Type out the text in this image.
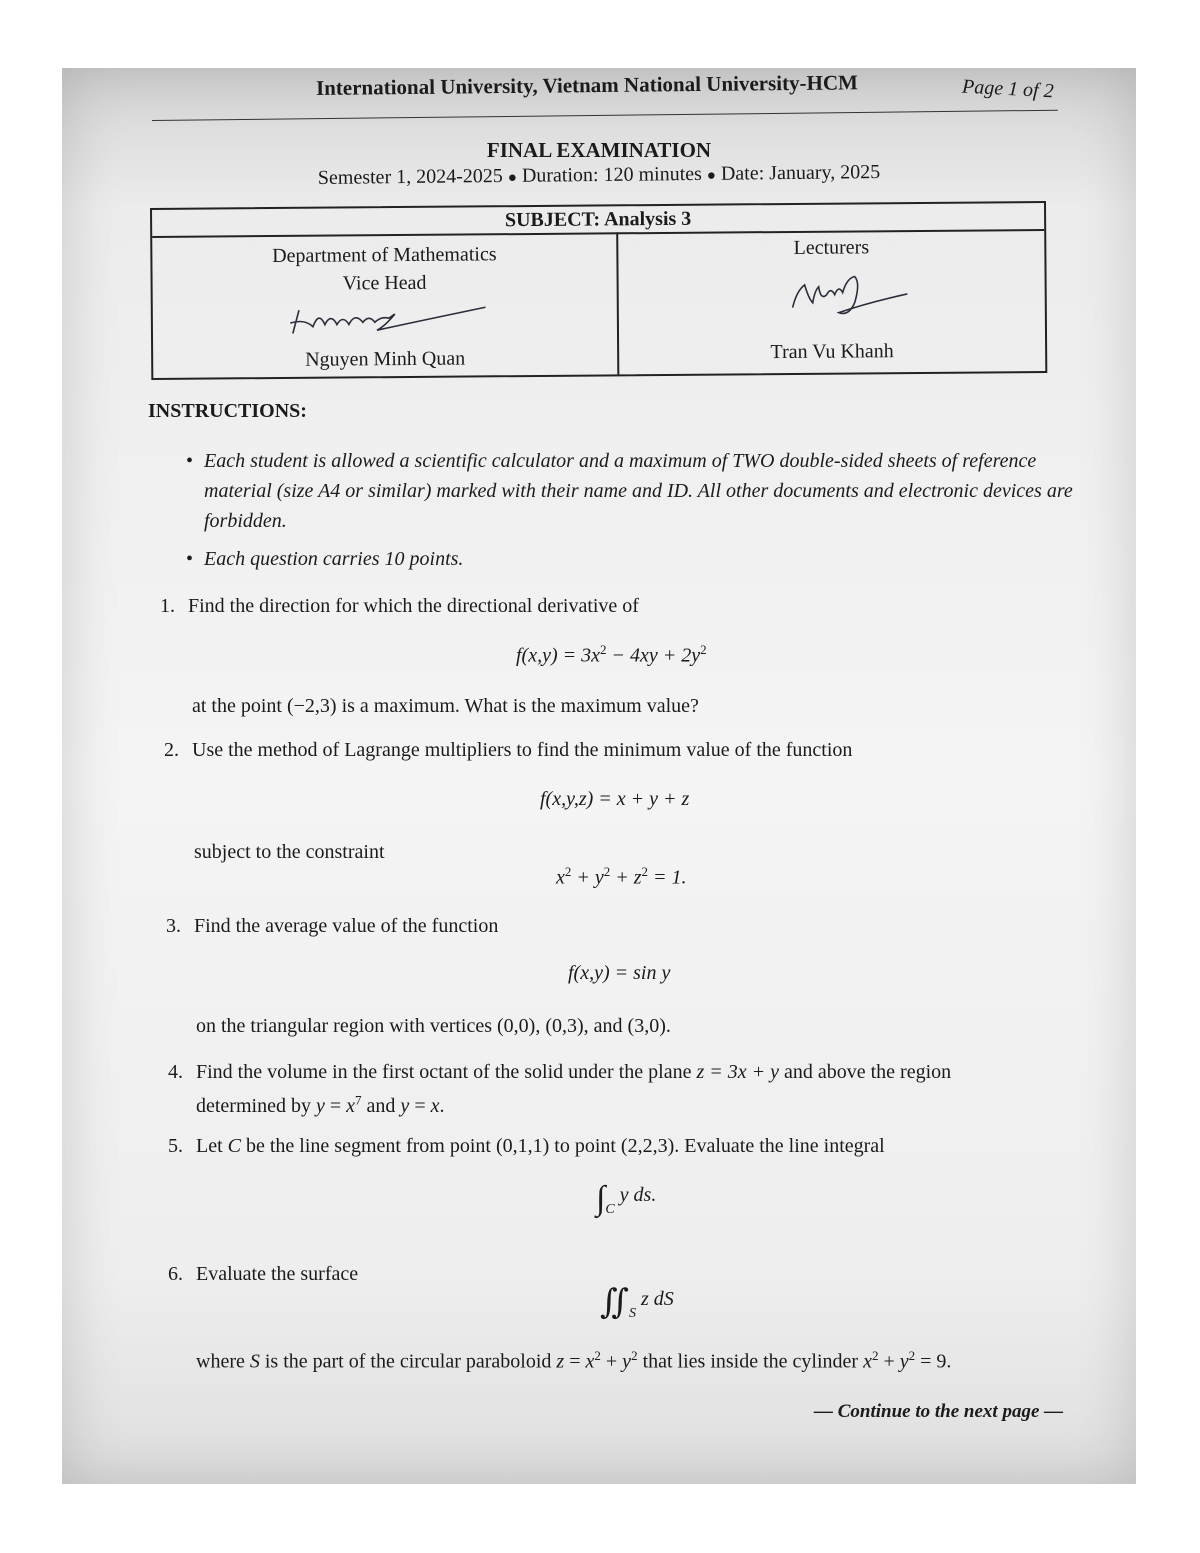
International University, Vietnam National University-HCM	Page 1 of 2
FINAL EXAMINATION
Semester 1, 2024-2025 ● Duration: 120 minutes ● Date: January, 2025
SUBJECT: Analysis 3
Department of Mathematics
Vice Head
Nguyen Minh Quan
Lecturers
Tran Vu Khanh
INSTRUCTIONS:
• Each student is allowed a scientific calculator and a maximum of TWO double-sided sheets of reference material (size A4 or similar) marked with their name and ID. All other documents and electronic devices are forbidden.
• Each question carries 10 points.
1. Find the direction for which the directional derivative of
$f(x,y) = 3x^2 - 4xy + 2y^2$
at the point (−2,3) is a maximum. What is the maximum value?
2. Use the method of Lagrange multipliers to find the minimum value of the function
f(x,y,z) = x + y + z
subject to the constraint
$x^2 + y^2 + z^2 = 1$.
3. Find the average value of the function
f(x,y) = sin y
on the triangular region with vertices (0,0), (0,3), and (3,0).
4. Find the volume in the first octant of the solid under the plane z = 3x + y and above the region
determined by $y = x^7$ and y = x.
5. Let C be the line segment from point (0,1,1) to point (2,2,3). Evaluate the line integral
$\int_C$ y ds.
6. Evaluate the surface
$∬_S$ z dS
where S is the part of the circular paraboloid $z = x^2 + y^2$ that lies inside the cylinder $x^2 + y^2 = 9$.
— Continue to the next page —
